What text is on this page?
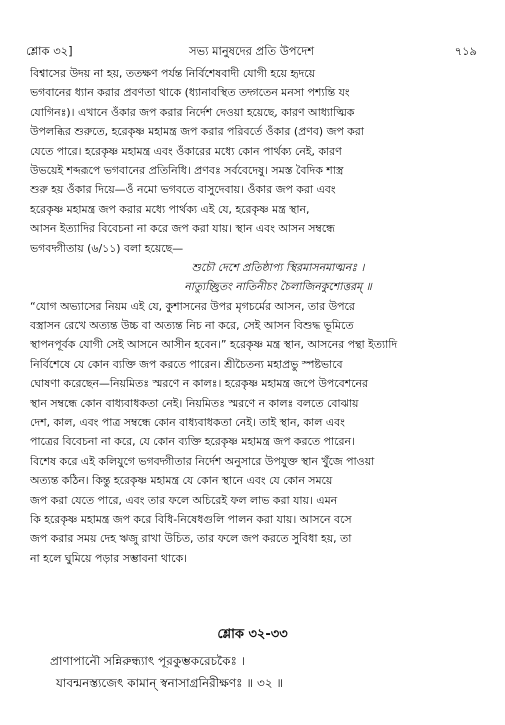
শ্লোক ৩২]	সভ্য মানুষদের প্রতি উপদেশ	৭১৯
বিশ্বাসের উদয় না হয়, ততক্ষণ পর্যন্ত নির্বিশেষবাদী যোগী হয়ে হৃদয়ে
ভগবানের ধ্যান করার প্রবণতা থাকে (ধ্যানাবস্থিত তদ্গতেন মনসা পশ্যন্তি যং
যোগিনঃ)। এখানে ওঁকার জপ করার নির্দেশ দেওয়া হয়েছে, কারণ আধ্যাত্মিক
উপলব্ধির শুরুতে, হরেকৃষ্ণ মহামন্ত্র জপ করার পরিবর্তে ওঁকার (প্রণব) জপ করা
যেতে পারে। হরেকৃষ্ণ মহামন্ত্র এবং ওঁকারের মধ্যে কোন পার্থক্য নেই, কারণ
উভয়েই শব্দরূপে ভগবানের প্রতিনিধি। প্রণবঃ সর্ববেদেষু। সমস্ত বৈদিক শাস্ত্র
শুরু হয় ওঁকার দিয়ে—ওঁ নমো ভগবতে বাসুদেবায়। ওঁকার জপ করা এবং
হরেকৃষ্ণ মহামন্ত্র জপ করার মধ্যে পার্থক্য এই যে, হরেকৃষ্ণ মন্ত্র স্থান,
আসন ইত্যাদির বিবেচনা না করে জপ করা যায়। স্থান এবং আসন সম্বন্ধে
ভগবদ্গীতায় (৬/১১) বলা হয়েছে—
শুচৌ দেশে প্রতিষ্ঠাপ্য স্থিরমাসনমাত্মনঃ ।
নাত্যুচ্ছ্রিতং নাতিনীচং চৈলাজিনকুশোত্তরম্ ॥
“যোগ অভ্যাসের নিয়ম এই যে, কুশাসনের উপর মৃগচর্মের আসন, তার উপরে
বস্ত্রাসন রেখে অত্যন্ত উচ্চ বা অত্যন্ত নিচ না করে, সেই আসন বিশুদ্ধ ভূমিতে
স্থাপনপূর্বক যোগী সেই আসনে আসীন হবেন।” হরেকৃষ্ণ মন্ত্র স্থান, আসনের পন্থা ইত্যাদি
নির্বিশেষে যে কোন ব্যক্তি জপ করতে পারেন। শ্রীচৈতন্য মহাপ্রভু স্পষ্টভাবে
ঘোষণা করেছেন—নিয়মিতঃ স্মরণে ন কালঃ। হরেকৃষ্ণ মহামন্ত্র জপে উপবেশনের
স্থান সম্বন্ধে কোন বাধ্যবাধকতা নেই। নিয়মিতঃ স্মরণে ন কালঃ বলতে বোঝায়
দেশ, কাল, এবং পাত্র সম্বন্ধে কোন বাধ্যবাধকতা নেই। তাই স্থান, কাল এবং
পাত্রের বিবেচনা না করে, যে কোন ব্যক্তি হরেকৃষ্ণ মহামন্ত্র জপ করতে পারেন।
বিশেষ করে এই কলিযুগে ভগবদ্গীতার নির্দেশ অনুসারে উপযুক্ত স্থান খুঁজে পাওয়া
অত্যন্ত কঠিন। কিন্তু হরেকৃষ্ণ মহামন্ত্র যে কোন স্থানে এবং যে কোন সময়ে
জপ করা যেতে পারে, এবং তার ফলে অচিরেই ফল লাভ করা যায়। এমন
কি হরেকৃষ্ণ মহামন্ত্র জপ করে বিধি-নিষেধগুলি পালন করা যায়। আসনে বসে
জপ করার সময় দেহ ঋজু রাখা উচিত, তার ফলে জপ করতে সুবিধা হয়, তা
না হলে ঘুমিয়ে পড়ার সম্ভাবনা থাকে।
শ্লোক ৩২-৩৩
প্রাণাপানৌ সন্নিরুন্ধ্যাৎ পূরকুম্ভকরেচকৈঃ ।
যাবন্মনস্ত্যজেৎ কামান্ স্বনাসাগ্রনিরীক্ষণঃ ॥ ৩২ ॥
